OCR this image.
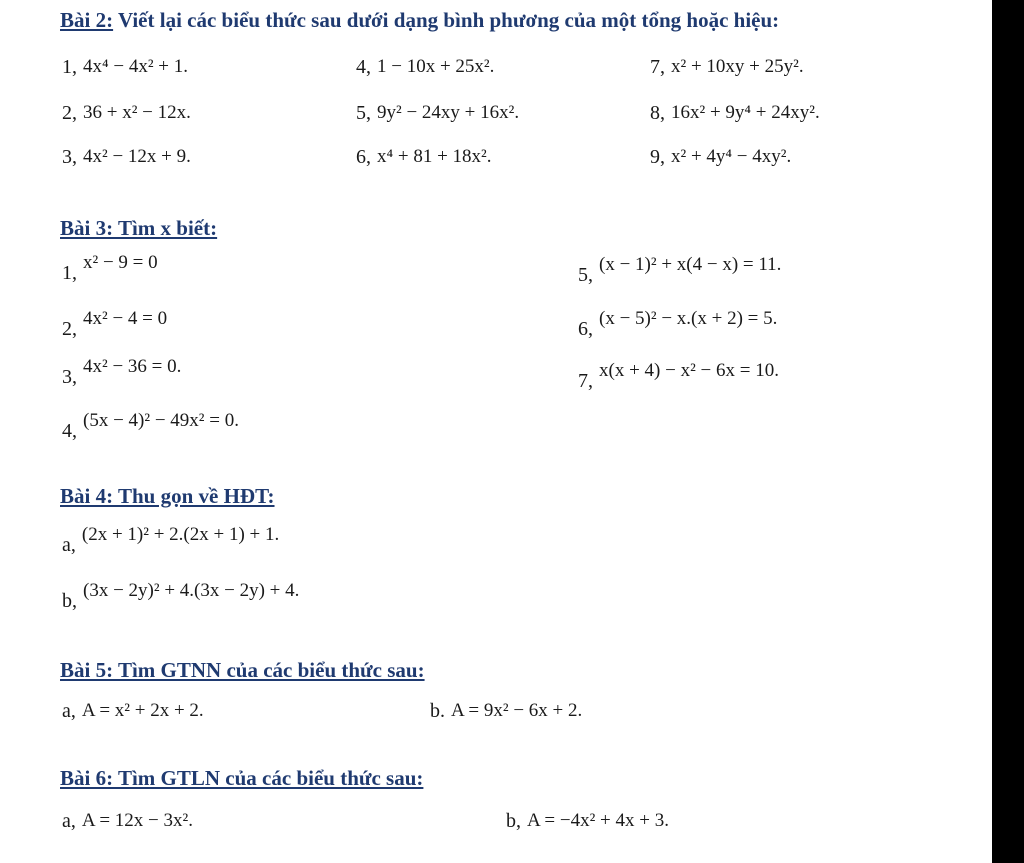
Bài 2: Viết lại các biểu thức sau dưới dạng bình phương của một tổng hoặc hiệu:
1, 4x⁴ − 4x² + 1.	4, 1 − 10x + 25x².	7, x² + 10xy + 25y².
2, 36 + x² − 12x.	5, 9y² − 24xy + 16x².	8, 16x² + 9y⁴ + 24xy².
3, 4x² − 12x + 9.	6, x⁴ + 81 + 18x².	9, x² + 4y⁴ − 4xy².
Bài 3: Tìm x biết:
1, x² − 9 = 0
2, 4x² − 4 = 0
3, 4x² − 36 = 0.
4, (5x − 4)² − 49x² = 0.
5, (x − 1)² + x(4 − x) = 11.
6, (x − 5)² − x.(x + 2) = 5.
7, x(x + 4) − x² − 6x = 10.
Bài 4: Thu gọn về HĐT:
a, (2x + 1)² + 2.(2x + 1) + 1.
b, (3x − 2y)² + 4.(3x − 2y) + 4.
Bài 5: Tìm GTNN của các biểu thức sau:
a, A = x² + 2x + 2.	b. A = 9x² − 6x + 2.
Bài 6: Tìm GTLN của các biểu thức sau:
a, A = 12x − 3x².	b, A = −4x² + 4x + 3.
